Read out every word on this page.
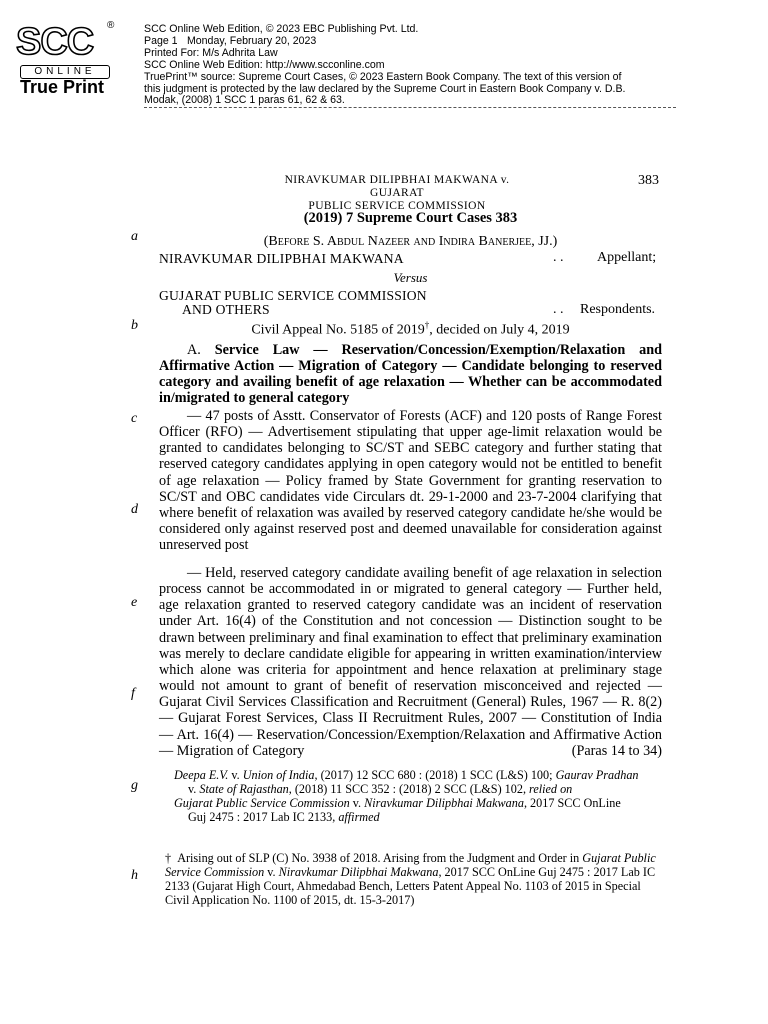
SCC ®
ONLINE
True Print
SCC Online Web Edition, © 2023 EBC Publishing Pvt. Ltd.
Page 1 Monday, February 20, 2023
Printed For: M/s Adhrita Law
SCC Online Web Edition: http://www.scconline.com
TruePrint™ source: Supreme Court Cases, © 2023 Eastern Book Company. The text of this version of
this judgment is protected by the law declared by the Supreme Court in Eastern Book Company v. D.B.
Modak, (2008) 1 SCC 1 paras 61, 62 & 63.
NIRAVKUMAR DILIPBHAI MAKWANA v. GUJARAT
PUBLIC SERVICE COMMISSION
383
a
b
c
d
e
f
g
h
(2019) 7 Supreme Court Cases 383
(Before S. Abdul Nazeer and Indira Banerjee, JJ.)
NIRAVKUMAR DILIPBHAI MAKWANA	. . Appellant;
Versus
GUJARAT PUBLIC SERVICE COMMISSION
AND OTHERS	. . Respondents.
Civil Appeal No. 5185 of 2019†, decided on July 4, 2019
A. Service Law — Reservation/Concession/Exemption/Relaxation and Affirmative Action — Migration of Category — Candidate belonging to reserved category and availing benefit of age relaxation — Whether can be accommodated in/migrated to general category
— 47 posts of Asstt. Conservator of Forests (ACF) and 120 posts of Range Forest Officer (RFO) — Advertisement stipulating that upper age-limit relaxation would be granted to candidates belonging to SC/ST and SEBC category and further stating that reserved category candidates applying in open category would not be entitled to benefit of age relaxation — Policy framed by State Government for granting reservation to SC/ST and OBC candidates vide Circulars dt. 29-1-2000 and 23-7-2004 clarifying that where benefit of relaxation was availed by reserved category candidate he/she would be considered only against reserved post and deemed unavailable for consideration against unreserved post
— Held, reserved category candidate availing benefit of age relaxation in selection process cannot be accommodated in or migrated to general category — Further held, age relaxation granted to reserved category candidate was an incident of reservation under Art. 16(4) of the Constitution and not concession — Distinction sought to be drawn between preliminary and final examination to effect that preliminary examination was merely to declare candidate eligible for appearing in written examination/interview which alone was criteria for appointment and hence relaxation at preliminary stage would not amount to grant of benefit of reservation misconceived and rejected — Gujarat Civil Services Classification and Recruitment (General) Rules, 1967 — R. 8(2) — Gujarat Forest Services, Class II Recruitment Rules, 2007 — Constitution of India — Art. 16(4) — Reservation/Concession/Exemption/Relaxation and Affirmative Action — Migration of Category	(Paras 14 to 34)
Deepa E.V. v. Union of India, (2017) 12 SCC 680 : (2018) 1 SCC (L&S) 100; Gaurav Pradhan
v. State of Rajasthan, (2018) 11 SCC 352 : (2018) 2 SCC (L&S) 102, relied on
Gujarat Public Service Commission v. Niravkumar Dilipbhai Makwana, 2017 SCC OnLine
Guj 2475 : 2017 Lab IC 2133, affirmed
† Arising out of SLP (C) No. 3938 of 2018. Arising from the Judgment and Order in Gujarat Public Service Commission v. Niravkumar Dilipbhai Makwana, 2017 SCC OnLine Guj 2475 : 2017 Lab IC 2133 (Gujarat High Court, Ahmedabad Bench, Letters Patent Appeal No. 1103 of 2015 in Special Civil Application No. 1100 of 2015, dt. 15-3-2017)
